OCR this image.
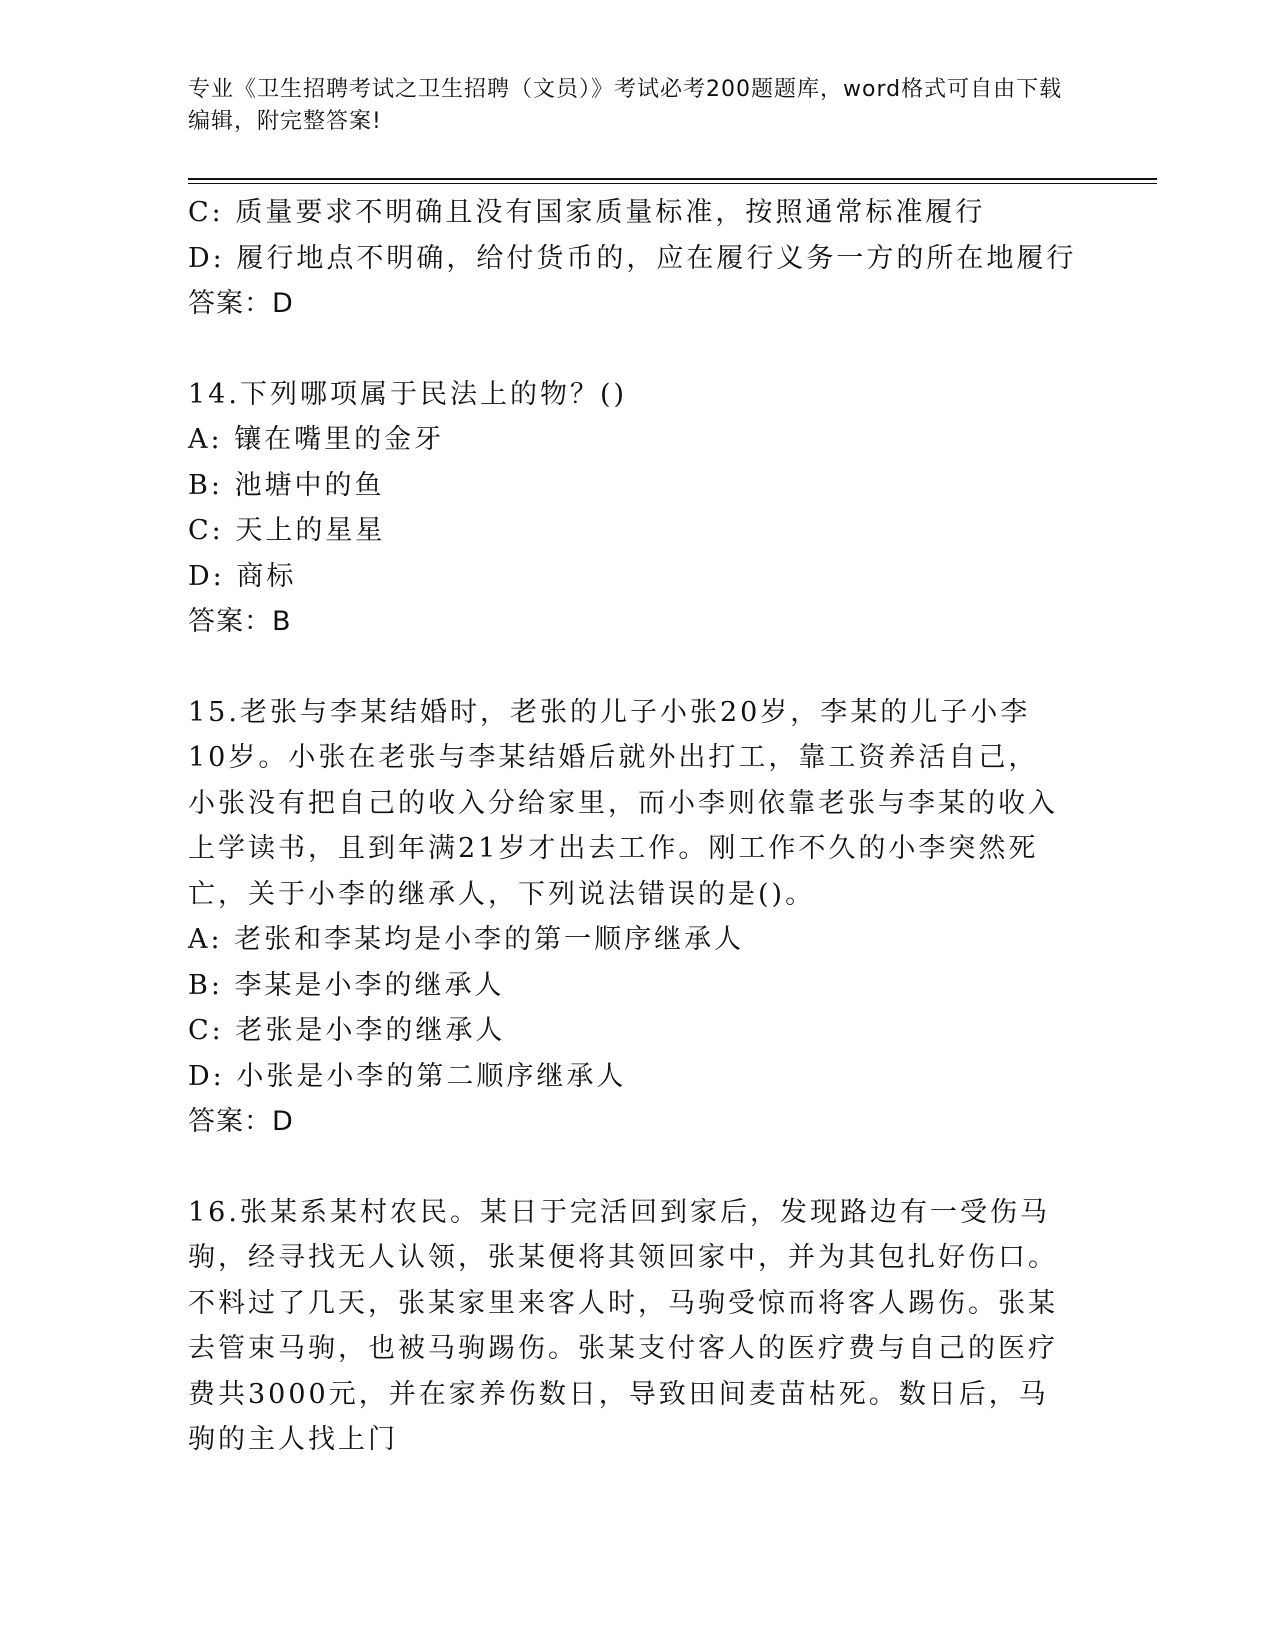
专业《卫生招聘考试之卫生招聘（文员）》考试必考200题题库，word格式可自由下载编辑，附完整答案!
C: 质量要求不明确且没有国家质量标准，按照通常标准履行
D: 履行地点不明确，给付货币的，应在履行义务一方的所在地履行
答案：D
14.下列哪项属于民法上的物？()
A: 镶在嘴里的金牙
B: 池塘中的鱼
C: 天上的星星
D: 商标
答案：B
15.老张与李某结婚时，老张的儿子小张20岁，李某的儿子小李10岁。小张在老张与李某结婚后就外出打工，靠工资养活自己，小张没有把自己的收入分给家里，而小李则依靠老张与李某的收入上学读书，且到年满21岁才出去工作。刚工作不久的小李突然死亡，关于小李的继承人，下列说法错误的是()。
A: 老张和李某均是小李的第一顺序继承人
B: 李某是小李的继承人
C: 老张是小李的继承人
D: 小张是小李的第二顺序继承人
答案：D
16.张某系某村农民。某日于完活回到家后，发现路边有一受伤马驹，经寻找无人认领，张某便将其领回家中，并为其包扎好伤口。不料过了几天，张某家里来客人时，马驹受惊而将客人踢伤。张某去管束马驹，也被马驹踢伤。张某支付客人的医疗费与自己的医疗费共3000元，并在家养伤数日，导致田间麦苗枯死。数日后，马驹的主人找上门
